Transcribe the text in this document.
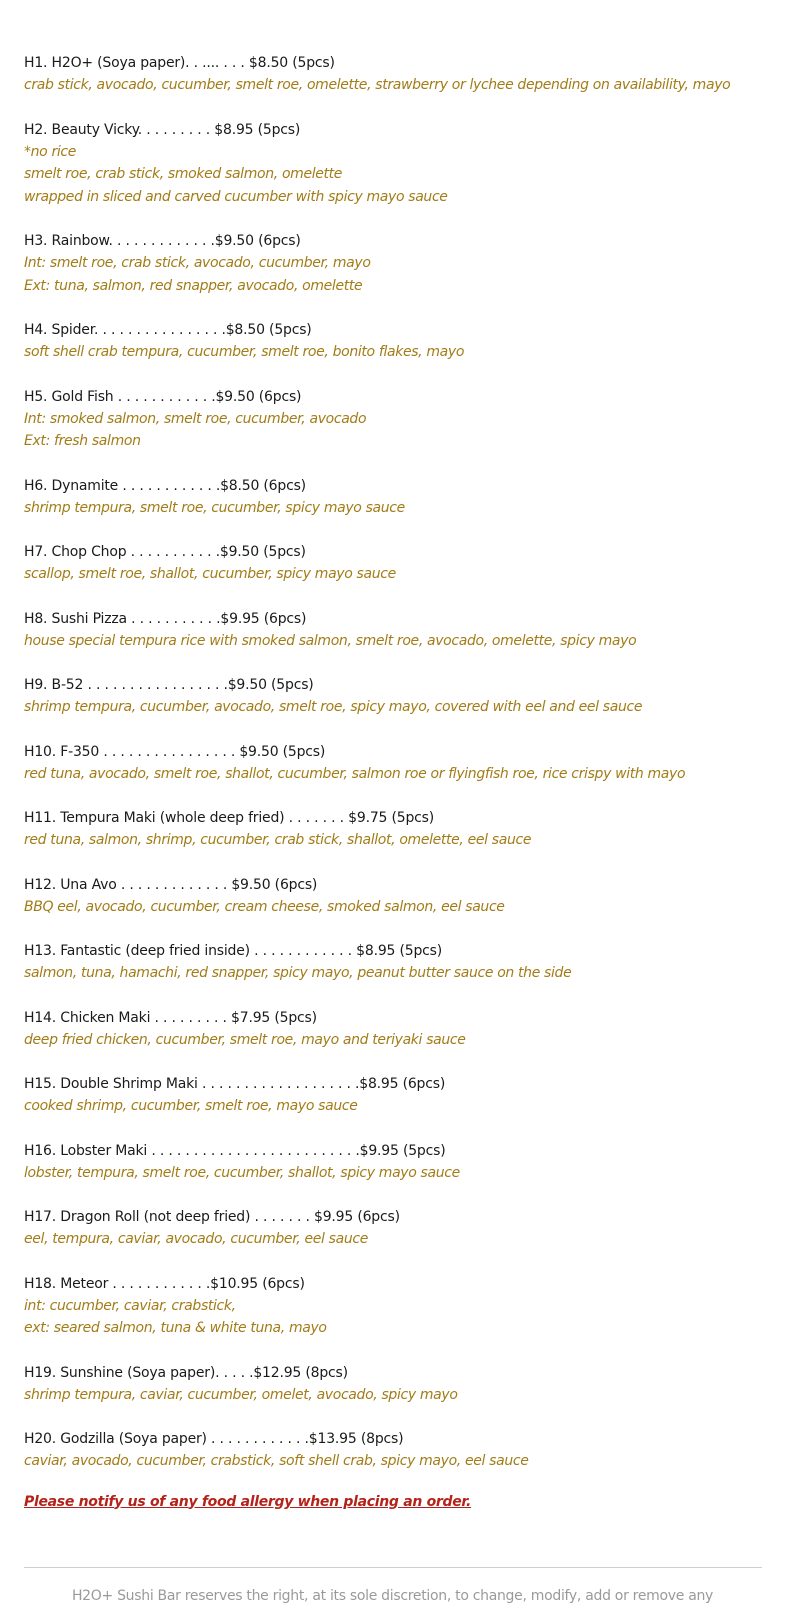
H1. H2O+ (Soya paper). . .... . . . $8.50 (5pcs)
crab stick, avocado, cucumber, smelt roe, omelette, strawberry or lychee depending on availability, mayo
H2. Beauty Vicky. . . . . . . . . $8.95 (5pcs)
*no rice
smelt roe, crab stick, smoked salmon, omelette
wrapped in sliced and carved cucumber with spicy mayo sauce
H3. Rainbow. . . . . . . . . . . . .$9.50 (6pcs)
Int: smelt roe, crab stick, avocado, cucumber, mayo
Ext: tuna, salmon, red snapper, avocado, omelette
H4. Spider. . . . . . . . . . . . . . . .$8.50 (5pcs)
soft shell crab tempura, cucumber, smelt roe, bonito flakes, mayo
H5. Gold Fish . . . . . . . . . . . .$9.50 (6pcs)
Int: smoked salmon, smelt roe, cucumber, avocado
Ext: fresh salmon
H6. Dynamite . . . . . . . . . . . .$8.50 (6pcs)
shrimp tempura, smelt roe, cucumber, spicy mayo sauce
H7. Chop Chop . . . . . . . . . . .$9.50 (5pcs)
scallop, smelt roe, shallot, cucumber, spicy mayo sauce
H8. Sushi Pizza . . . . . . . . . . .$9.95 (6pcs)
house special tempura rice with smoked salmon, smelt roe, avocado, omelette, spicy mayo
H9. B-52 . . . . . . . . . . . . . . . . .$9.50 (5pcs)
shrimp tempura, cucumber, avocado, smelt roe, spicy mayo, covered with eel and eel sauce
H10. F-350 . . . . . . . . . . . . . . . . $9.50 (5pcs)
red tuna, avocado, smelt roe, shallot, cucumber, salmon roe or flyingfish roe, rice crispy with mayo
H11. Tempura Maki (whole deep fried) . . . . . . . $9.75 (5pcs)
red tuna, salmon, shrimp, cucumber, crab stick, shallot, omelette, eel sauce
H12. Una Avo . . . . . . . . . . . . . $9.50 (6pcs)
BBQ eel, avocado, cucumber, cream cheese, smoked salmon, eel sauce
H13. Fantastic (deep fried inside) . . . . . . . . . . . . $8.95 (5pcs)
salmon, tuna, hamachi, red snapper, spicy mayo, peanut butter sauce on the side
H14. Chicken Maki . . . . . . . . . $7.95 (5pcs)
deep fried chicken, cucumber, smelt roe, mayo and teriyaki sauce
H15. Double Shrimp Maki . . . . . . . . . . . . . . . . . . .$8.95 (6pcs)
cooked shrimp, cucumber, smelt roe, mayo sauce
H16. Lobster Maki . . . . . . . . . . . . . . . . . . . . . . . . .$9.95 (5pcs)
lobster, tempura, smelt roe, cucumber, shallot, spicy mayo sauce
H17. Dragon Roll (not deep fried) . . . . . . . $9.95 (6pcs)
eel, tempura, caviar, avocado, cucumber, eel sauce
H18. Meteor . . . . . . . . . . . .$10.95 (6pcs)
int: cucumber, caviar, crabstick,
ext: seared salmon, tuna & white tuna, mayo
H19. Sunshine (Soya paper). . . . .$12.95 (8pcs)
shrimp tempura, caviar, cucumber, omelet, avocado, spicy mayo
H20. Godzilla (Soya paper) . . . . . . . . . . . .$13.95 (8pcs)
caviar, avocado, cucumber, crabstick, soft shell crab, spicy mayo, eel sauce
Please notify us of any food allergy when placing an order.
H2O+ Sushi Bar reserves the right, at its sole discretion, to change, modify, add or remove any
